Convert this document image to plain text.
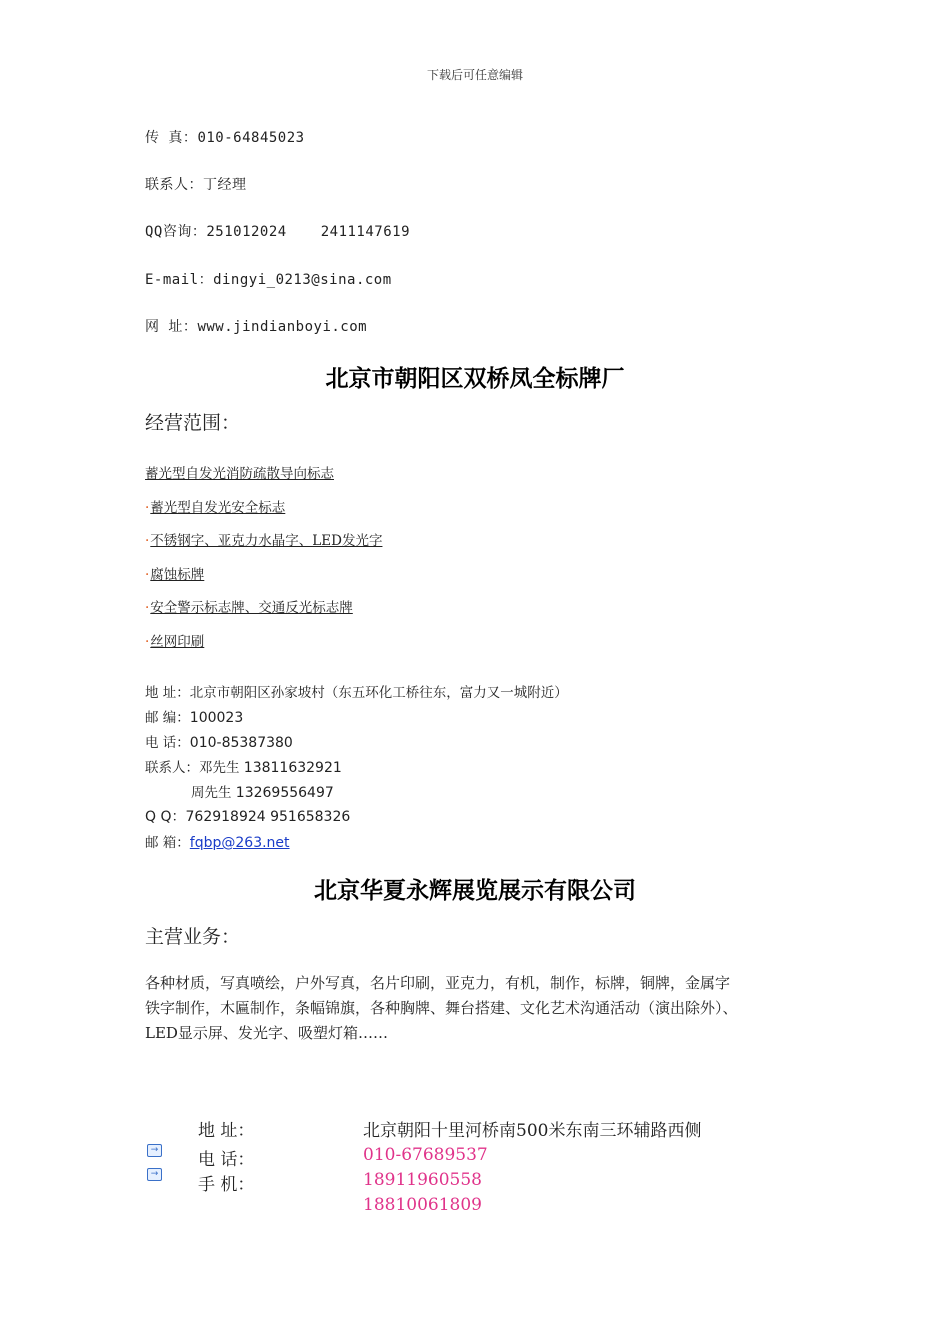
下载后可任意编辑
传 真：010-64845023
联系人：丁经理
QQ咨询：251012024 2411147619
E-mail：dingyi_0213@sina.com
网 址：www.jindianboyi.com
北京市朝阳区双桥凤全标牌厂
经营范围：
蓄光型自发光消防疏散导向标志
·蓄光型自发光安全标志
·不锈钢字、亚克力水晶字、LED发光字
·腐蚀标牌
·安全警示标志牌、交通反光标志牌
·丝网印刷
地 址：北京市朝阳区孙家坡村（东五环化工桥往东，富力又一城附近）
邮 编：100023
电 话：010-85387380
联系人：邓先生 13811632921
周先生 13269556497
Q Q：762918924 951658326
邮 箱：fqbp@263.net
北京华夏永辉展览展示有限公司
主营业务：
各种材质，写真喷绘，户外写真，名片印刷，亚克力，有机，制作，标牌，铜牌，金属字
铁字制作，木匾制作，条幅锦旗，各种胸牌、舞台搭建、文化艺术沟通活动（演出除外）、
LED显示屏、发光字、吸塑灯箱……
地 址：	北京朝阳十里河桥南500米东南三环辅路西侧
→ 电 话：	010-67689537
→
手 机：	18911960558
18810061809
